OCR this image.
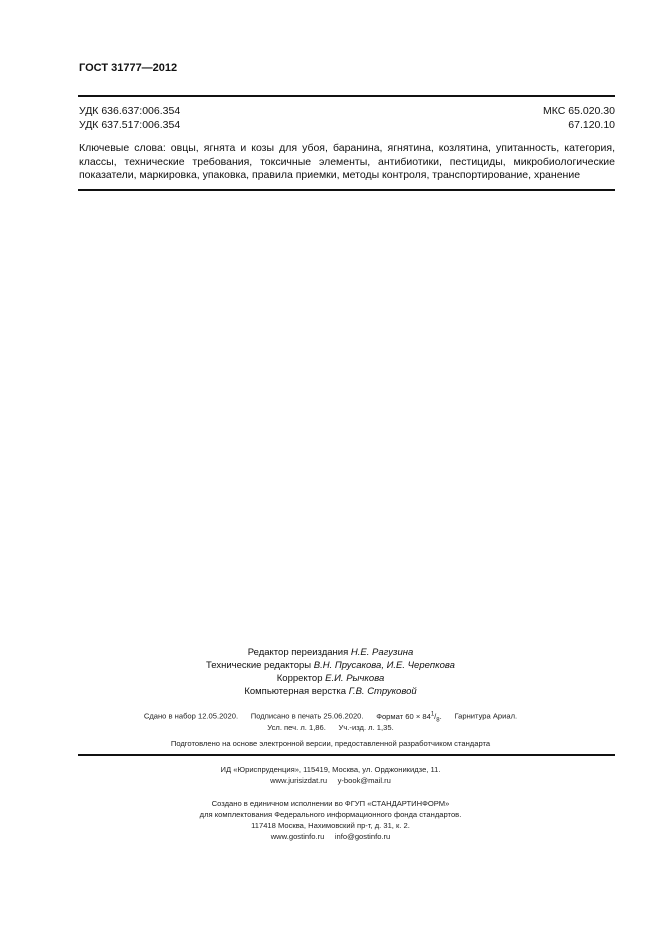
ГОСТ 31777—2012
УДК 636.637:006.354
УДК 637.517:006.354
МКС 65.020.30
67.120.10
Ключевые слова: овцы, ягнята и козы для убоя, баранина, ягнятина, козлятина, упитанность, категория, классы, технические требования, токсичные элементы, антибиотики, пестициды, микробиологические показатели, маркировка, упаковка, правила приемки, методы контроля, транспортирование, хранение
Редактор переиздания Н.Е. Рагузина
Технические редакторы В.Н. Прусакова, И.Е. Черепкова
Корректор Е.И. Рычкова
Компьютерная верстка Г.В. Струковой
Сдано в набор 12.05.2020. Подписано в печать 25.06.2020. Формат $60 \times 84^1/_8$. Гарнитура Ариал.
Усл. печ. л. 1,86. Уч.-изд. л. 1,35.
Подготовлено на основе электронной версии, предоставленной разработчиком стандарта
ИД «Юриспруденция», 115419, Москва, ул. Орджоникидзе, 11.
www.jurisizdat.ru y-book@mail.ru
Создано в единичном исполнении во ФГУП «СТАНДАРТИНФОРМ»
для комплектования Федерального информационного фонда стандартов.
117418 Москва, Нахимовский пр-т, д. 31, к. 2.
www.gostinfo.ru info@gostinfo.ru
